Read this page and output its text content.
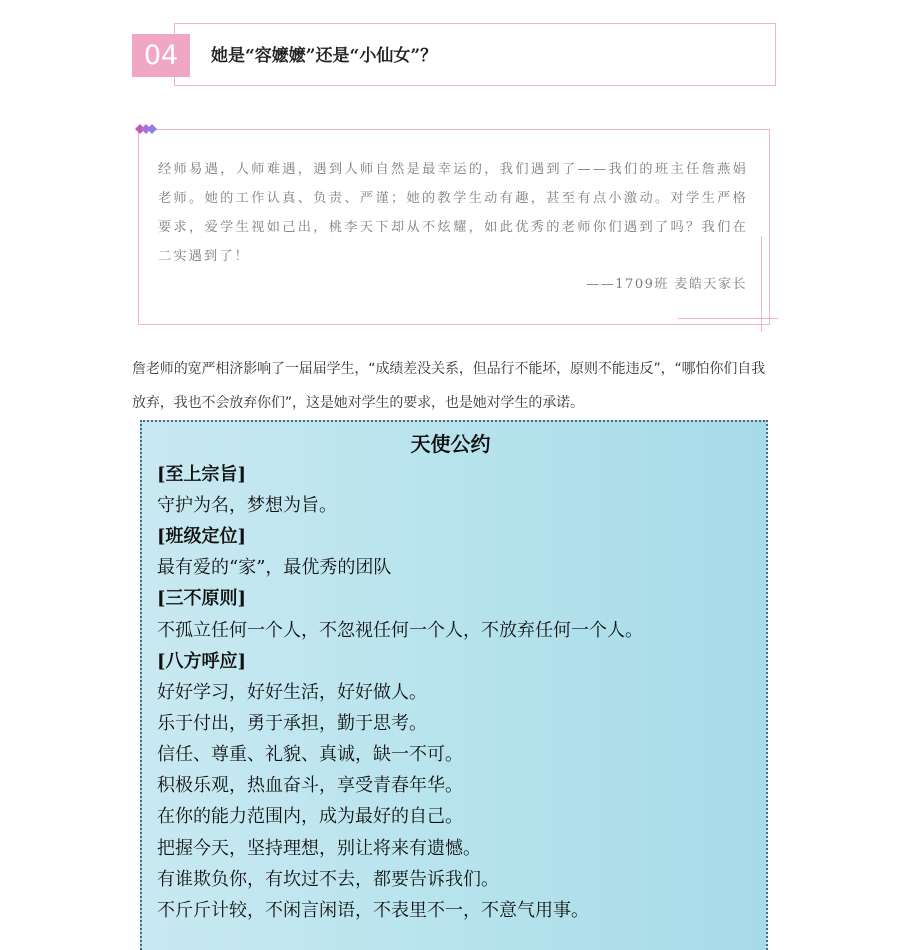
04	她是“容嬷嬷”还是“小仙女”？
经师易遇，人师难遇，遇到人师自然是最幸运的，我们遇到了——我们的班主任詹燕娟老师。她的工作认真、负责、严谨；她的教学生动有趣，甚至有点小激动。对学生严格要求，爱学生视如己出，桃李天下却从不炫耀，如此优秀的老师你们遇到了吗？我们在二实遇到了！
——1709班 麦皓天家长
詹老师的宽严相济影响了一届届学生，“成绩差没关系，但品行不能坏，原则不能违反”，“哪怕你们自我放弃，我也不会放弃你们”，这是她对学生的要求，也是她对学生的承诺。
天使公约
[至上宗旨]
守护为名，梦想为旨。
[班级定位]
最有爱的“家”，最优秀的团队
[三不原则]
不孤立任何一个人，不忽视任何一个人，不放弃任何一个人。
[八方呼应]
好好学习，好好生活，好好做人。
乐于付出，勇于承担，勤于思考。
信任、尊重、礼貌、真诚，缺一不可。
积极乐观，热血奋斗，享受青春年华。
在你的能力范围内，成为最好的自己。
把握今天，坚持理想，别让将来有遗憾。
有谁欺负你，有坎过不去，都要告诉我们。
不斤斤计较，不闲言闲语，不表里不一，不意气用事。
